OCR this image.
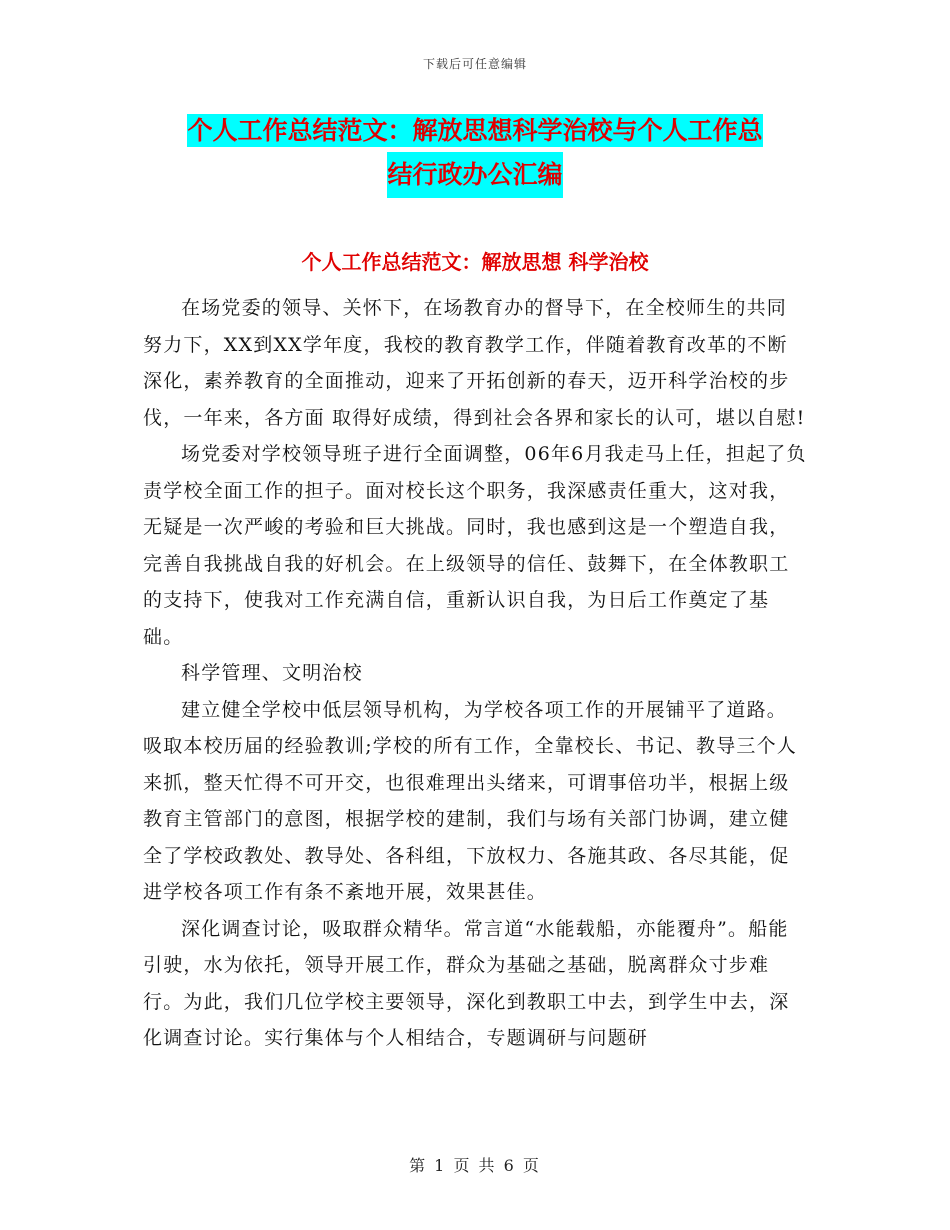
下载后可任意编辑
个人工作总结范文：解放思想科学治校与个人工作总
结行政办公汇编
个人工作总结范文：解放思想 科学治校

在场党委的领导、关怀下，在场教育办的督导下，在全校师生的共同努力下，XX到XX学年度，我校的教育教学工作，伴随着教育改革的不断深化，素养教育的全面推动，迎来了开拓创新的春天，迈开科学治校的步伐，一年来，各方面 取得好成绩，得到社会各界和家长的认可，堪以自慰!

场党委对学校领导班子进行全面调整，06年6月我走马上任，担起了负责学校全面工作的担子。面对校长这个职务，我深感责任重大，这对我，无疑是一次严峻的考验和巨大挑战。同时，我也感到这是一个塑造自我，完善自我挑战自我的好机会。在上级领导的信任、鼓舞下，在全体教职工的支持下，使我对工作充满自信，重新认识自我，为日后工作奠定了基础。

科学管理、文明治校

建立健全学校中低层领导机构，为学校各项工作的开展铺平了道路。吸取本校历届的经验教训;学校的所有工作，全靠校长、书记、教导三个人来抓，整天忙得不可开交，也很难理出头绪来，可谓事倍功半，根据上级教育主管部门的意图，根据学校的建制，我们与场有关部门协调，建立健全了学校政教处、教导处、各科组，下放权力、各施其政、各尽其能，促进学校各项工作有条不紊地开展，效果甚佳。

深化调查讨论，吸取群众精华。常言道“水能载船，亦能覆舟”。船能引驶，水为依托，领导开展工作，群众为基础之基础，脱离群众寸步难行。为此，我们几位学校主要领导，深化到教职工中去，到学生中去，深化调查讨论。实行集体与个人相结合，专题调研与问题研

第 1 页 共 6 页
